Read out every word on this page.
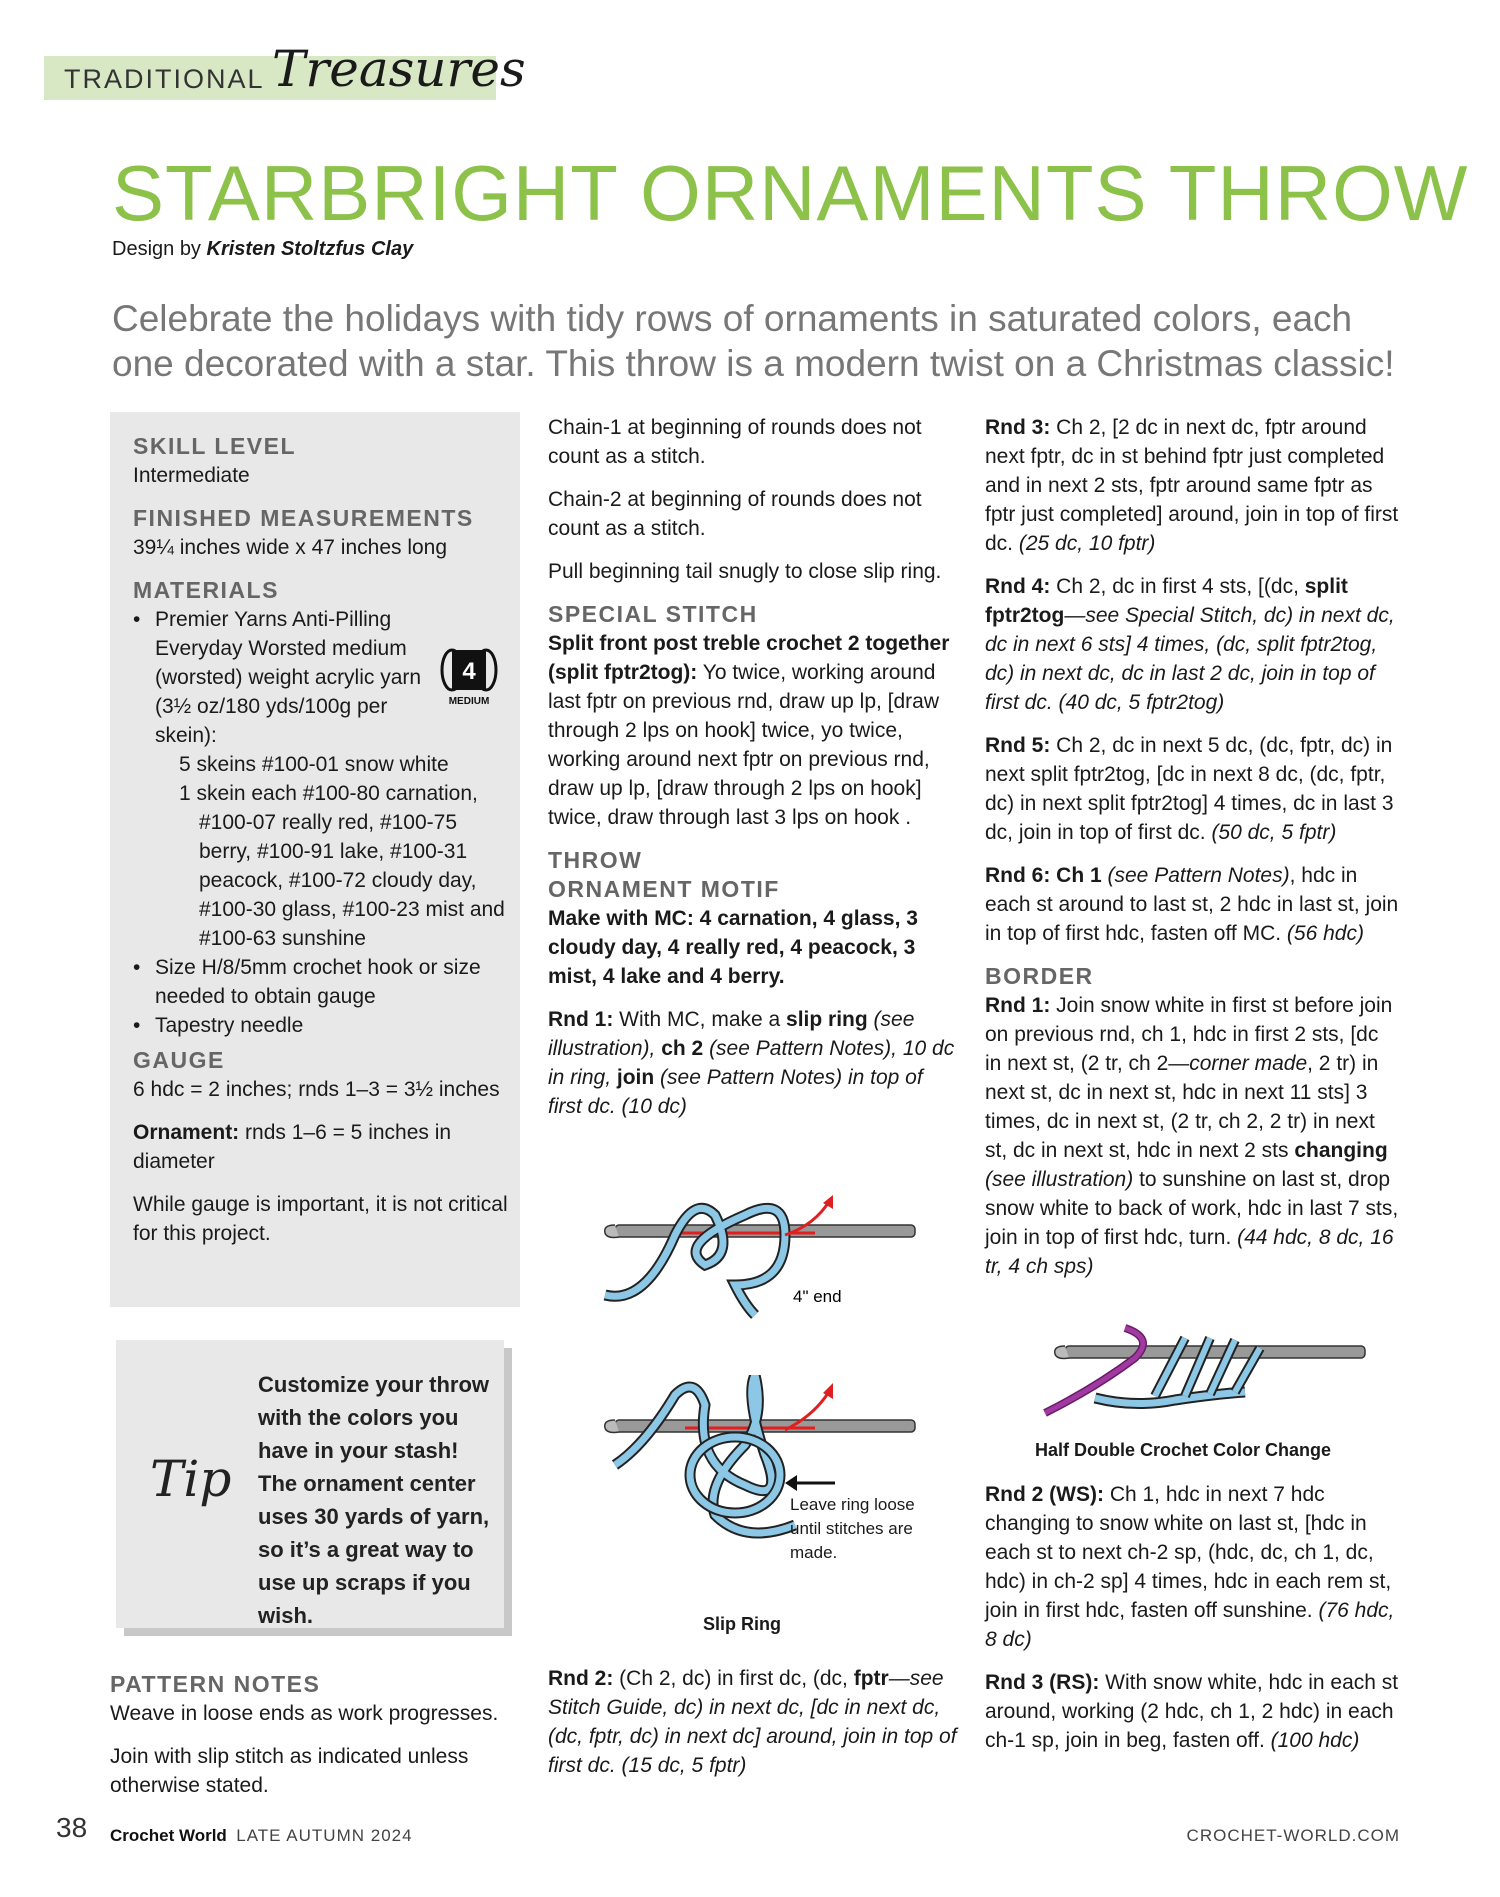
TRADITIONAL Treasures
STARBRIGHT ORNAMENTS THROW
Design by Kristen Stoltzfus Clay
Celebrate the holidays with tidy rows of ornaments in saturated colors, each one decorated with a star. This throw is a modern twist on a Christmas classic!
SKILL LEVEL
Intermediate
FINISHED MEASUREMENTS
39¼ inches wide x 47 inches long
MATERIALS
• Premier Yarns Anti-Pilling Everyday Worsted medium (worsted) weight acrylic yarn (3½ oz/180 yds/100g per skein):
5 skeins #100-01 snow white
1 skein each #100-80 carnation,
#100-07 really red, #100-75 berry, #100-91 lake, #100-31 peacock, #100-72 cloudy day, #100-30 glass, #100-23 mist and #100-63 sunshine
• Size H/8/5mm crochet hook or size needed to obtain gauge
• Tapestry needle
GAUGE

6 hdc = 2 inches; rnds 1–3 = 3½ inches

Ornament: rnds 1–6 = 5 inches in diameter

While gauge is important, it is not critical for this project.

4
MEDIUM
Tip
Customize your throw with the colors you have in your stash! The ornament center uses 30 yards of yarn, so it’s a great way to use up scraps if you wish.
PATTERN NOTES

Weave in loose ends as work progresses.

Join with slip stitch as indicated unless otherwise stated.

Chain-1 at beginning of rounds does not count as a stitch.

Chain-2 at beginning of rounds does not count as a stitch.

Pull beginning tail snugly to close slip ring.

SPECIAL STITCH

Split front post treble crochet 2 together (split fptr2tog): Yo twice, working around last fptr on previous rnd, draw up lp, [draw through 2 lps on hook] twice, yo twice, working around next fptr on previous rnd, draw up lp, [draw through 2 lps on hook] twice, draw through last 3 lps on hook .

THROW
ORNAMENT MOTIF

Make with MC: 4 carnation, 4 glass, 3 cloudy day, 4 really red, 4 peacock, 3 mist, 4 lake and 4 berry.

Rnd 1: With MC, make a slip ring (see illustration), ch 2 (see Pattern Notes), 10 dc in ring, join (see Pattern Notes) in top of first dc. (10 dc)

4" end
Leave ring loose until stitches are made.
Slip Ring

Rnd 2: (Ch 2, dc) in first dc, (dc, fptr—see Stitch Guide, dc) in next dc, [dc in next dc, (dc, fptr, dc) in next dc] around, join in top of first dc. (15 dc, 5 fptr)

Rnd 3: Ch 2, [2 dc in next dc, fptr around next fptr, dc in st behind fptr just completed and in next 2 sts, fptr around same fptr as fptr just completed] around, join in top of first dc. (25 dc, 10 fptr)

Rnd 4: Ch 2, dc in first 4 sts, [(dc, split fptr2tog—see Special Stitch, dc) in next dc, dc in next 6 sts] 4 times, (dc, split fptr2tog, dc) in next dc, dc in last 2 dc, join in top of first dc. (40 dc, 5 fptr2tog)

Rnd 5: Ch 2, dc in next 5 dc, (dc, fptr, dc) in next split fptr2tog, [dc in next 8 dc, (dc, fptr, dc) in next split fptr2tog] 4 times, dc in last 3 dc, join in top of first dc. (50 dc, 5 fptr)

Rnd 6: Ch 1 (see Pattern Notes), hdc in each st around to last st, 2 hdc in last st, join in top of first hdc, fasten off MC. (56 hdc)

BORDER

Rnd 1: Join snow white in first st before join on previous rnd, ch 1, hdc in first 2 sts, [dc in next st, (2 tr, ch 2—corner made, 2 tr) in next st, dc in next st, hdc in next 11 sts] 3 times, dc in next st, (2 tr, ch 2, 2 tr) in next st, dc in next st, hdc in next 2 sts changing (see illustration) to sunshine on last st, drop snow white to back of work, hdc in last 7 sts, join in top of first hdc, turn. (44 hdc, 8 dc, 16 tr, 4 ch sps)

Half Double Crochet Color Change

Rnd 2 (WS): Ch 1, hdc in next 7 hdc changing to snow white on last st, [hdc in each st to next ch-2 sp, (hdc, dc, ch 1, dc, hdc) in ch-2 sp] 4 times, hdc in each rem st, join in first hdc, fasten off sunshine. (76 hdc, 8 dc)

Rnd 3 (RS): With snow white, hdc in each st around, working (2 hdc, ch 1, 2 hdc) in each ch-1 sp, join in beg, fasten off. (100 hdc)

38 Crochet World LATE AUTUMN 2024	CROCHET-WORLD.COM
